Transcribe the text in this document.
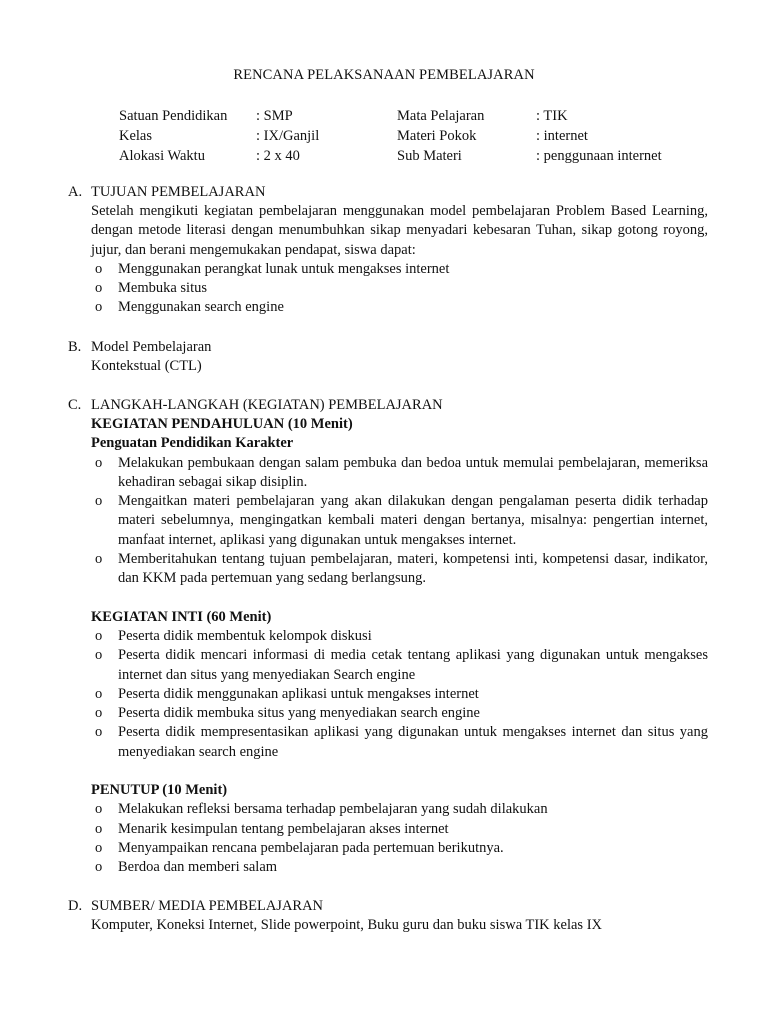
RENCANA PELAKSANAAN PEMBELAJARAN
Satuan Pendidikan : SMP	Mata Pelajaran	: TIK
Kelas	: IX/Ganjil	Materi Pokok	: internet
Alokasi Waktu	: 2 x 40	Sub Materi	: penggunaan internet
A. TUJUAN PEMBELAJARAN
Setelah mengikuti kegiatan pembelajaran menggunakan model pembelajaran Problem Based Learning, dengan metode literasi dengan menumbuhkan sikap menyadari kebesaran Tuhan, sikap gotong royong, jujur, dan berani mengemukakan pendapat, siswa dapat:
o Menggunakan perangkat lunak untuk mengakses internet
o Membuka situs
o Menggunakan search engine
B. Model Pembelajaran
Kontekstual (CTL)
C. LANGKAH-LANGKAH (KEGIATAN) PEMBELAJARAN
KEGIATAN PENDAHULUAN (10 Menit)
Penguatan Pendidikan Karakter
o Melakukan pembukaan dengan salam pembuka dan bedoa untuk memulai pembelajaran, memeriksa kehadiran sebagai sikap disiplin.
o Mengaitkan materi pembelajaran yang akan dilakukan dengan pengalaman peserta didik terhadap materi sebelumnya, mengingatkan kembali materi dengan bertanya, misalnya: pengertian internet, manfaat internet, aplikasi yang digunakan untuk mengakses internet.
o Memberitahukan tentang tujuan pembelajaran, materi, kompetensi inti, kompetensi dasar, indikator, dan KKM pada pertemuan yang sedang berlangsung.
KEGIATAN INTI (60 Menit)
o Peserta didik membentuk kelompok diskusi
o Peserta didik mencari informasi di media cetak tentang aplikasi yang digunakan untuk mengakses internet dan situs yang menyediakan Search engine
o Peserta didik menggunakan aplikasi untuk mengakses internet
o Peserta didik membuka situs yang menyediakan search engine
o Peserta didik mempresentasikan aplikasi yang digunakan untuk mengakses internet dan situs yang menyediakan search engine
PENUTUP (10 Menit)
o Melakukan refleksi bersama terhadap pembelajaran yang sudah dilakukan
o Menarik kesimpulan tentang pembelajaran akses internet
o Menyampaikan rencana pembelajaran pada pertemuan berikutnya.
o Berdoa dan memberi salam
D. SUMBER/ MEDIA PEMBELAJARAN
Komputer, Koneksi Internet, Slide powerpoint, Buku guru dan buku siswa TIK kelas IX
